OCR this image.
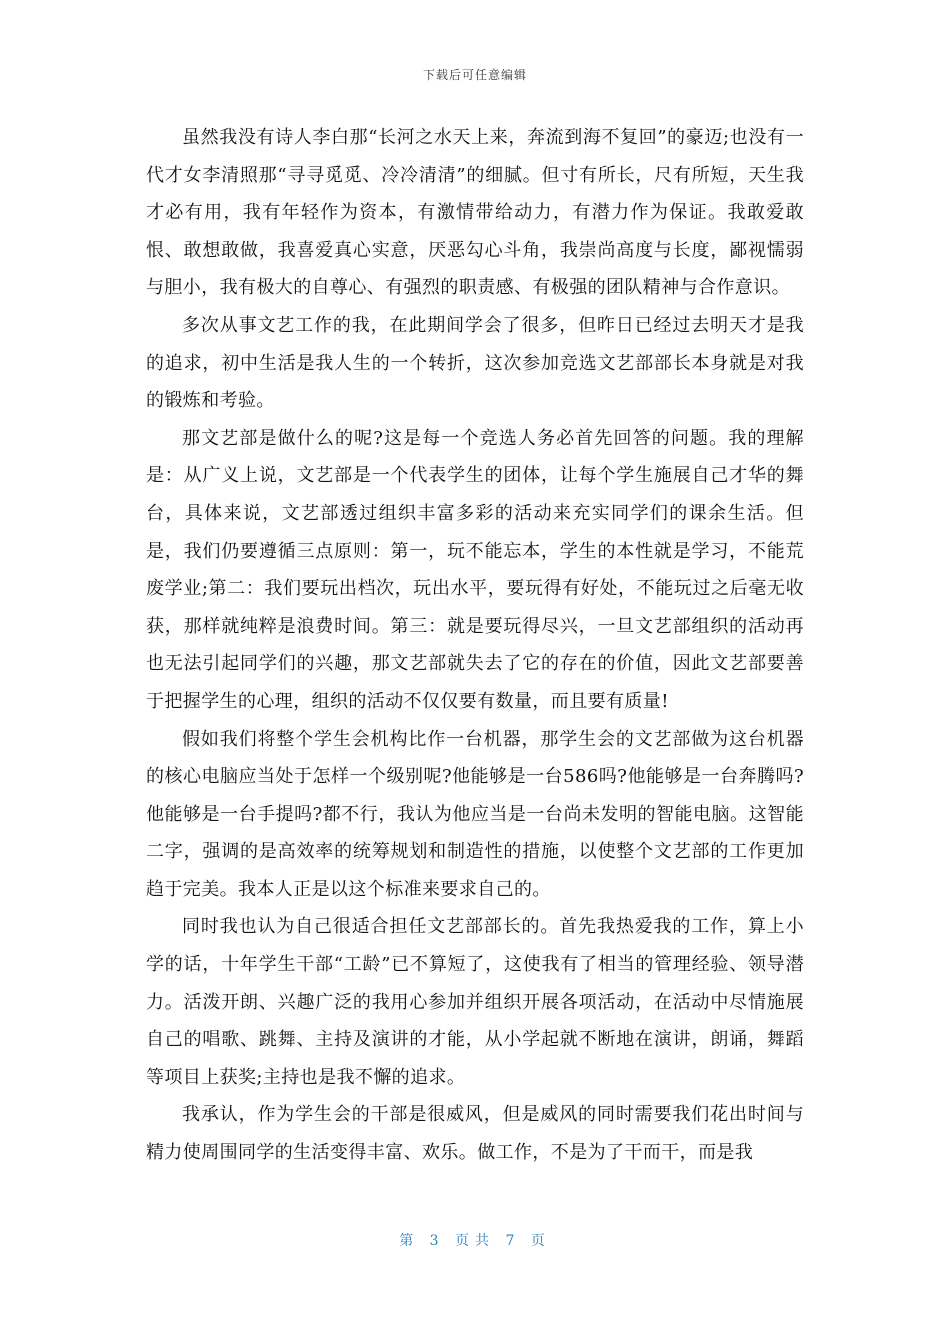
下载后可任意编辑

虽然我没有诗人李白那“长河之水天上来，奔流到海不复回”的豪迈;也没有一代才女李清照那“寻寻觅觅、冷冷清清”的细腻。但寸有所长，尺有所短，天生我才必有用，我有年轻作为资本，有激情带给动力，有潜力作为保证。我敢爱敢恨、敢想敢做，我喜爱真心实意，厌恶勾心斗角，我崇尚高度与长度，鄙视懦弱与胆小，我有极大的自尊心、有强烈的职责感、有极强的团队精神与合作意识。

多次从事文艺工作的我，在此期间学会了很多，但昨日已经过去明天才是我的追求，初中生活是我人生的一个转折，这次参加竞选文艺部部长本身就是对我的锻炼和考验。

那文艺部是做什么的呢?这是每一个竞选人务必首先回答的问题。我的理解是：从广义上说，文艺部是一个代表学生的团体，让每个学生施展自己才华的舞台，具体来说，文艺部透过组织丰富多彩的活动来充实同学们的课余生活。但是，我们仍要遵循三点原则：第一，玩不能忘本，学生的本性就是学习，不能荒废学业;第二：我们要玩出档次，玩出水平，要玩得有好处，不能玩过之后毫无收获，那样就纯粹是浪费时间。第三：就是要玩得尽兴，一旦文艺部组织的活动再也无法引起同学们的兴趣，那文艺部就失去了它的存在的价值，因此文艺部要善于把握学生的心理，组织的活动不仅仅要有数量，而且要有质量!

假如我们将整个学生会机构比作一台机器，那学生会的文艺部做为这台机器的核心电脑应当处于怎样一个级别呢?他能够是一台586吗?他能够是一台奔腾吗?他能够是一台手提吗?都不行，我认为他应当是一台尚未发明的智能电脑。这智能二字，强调的是高效率的统筹规划和制造性的措施，以使整个文艺部的工作更加趋于完美。我本人正是以这个标准来要求自己的。

同时我也认为自己很适合担任文艺部部长的。首先我热爱我的工作，算上小学的话，十年学生干部“工龄”已不算短了，这使我有了相当的管理经验、领导潜力。活泼开朗、兴趣广泛的我用心参加并组织开展各项活动，在活动中尽情施展自己的唱歌、跳舞、主持及演讲的才能，从小学起就不断地在演讲，朗诵，舞蹈等项目上获奖;主持也是我不懈的追求。

我承认，作为学生会的干部是很威风，但是威风的同时需要我们花出时间与精力使周围同学的生活变得丰富、欢乐。做工作，不是为了干而干，而是我

第 3 页共 7 页
